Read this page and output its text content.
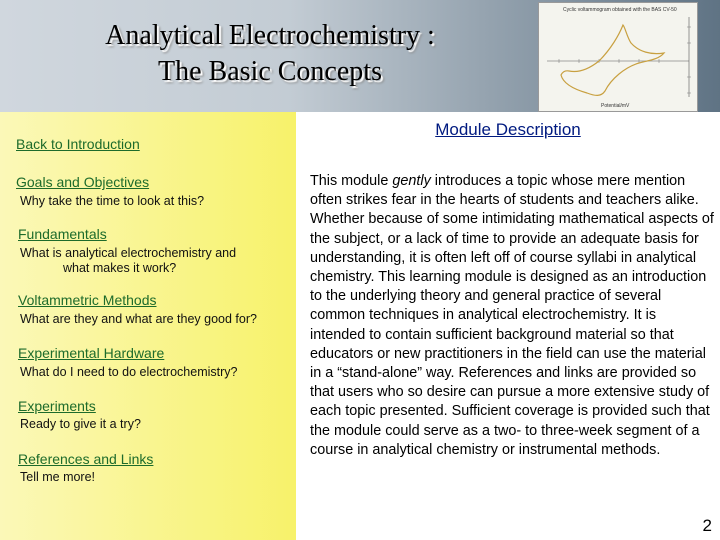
Analytical Electrochemistry :
The Basic Concepts
Cyclic voltammogram obtained with the BAS CV-50
Potential/mV
Back to Introduction
Goals and Objectives
Why take the time to look at this?
Fundamentals
What is analytical electrochemistry and
what makes it work?
Voltammetric Methods
What are they and what are they good for?
Experimental Hardware
What do I need to do electrochemistry?
Experiments
Ready to give it a try?
References and Links
Tell me more!
Module Description
This module gently introduces a topic whose mere mention often strikes fear in the hearts of students and teachers alike. Whether because of some intimidating mathematical aspects of the subject, or a lack of time to provide an adequate basis for understanding, it is often left off of course syllabi in analytical chemistry. This learning module is designed as an introduction to the underlying theory and general practice of several common techniques in analytical electrochemistry. It is intended to contain sufficient background material so that educators or new practitioners in the field can use the material in a “stand-alone” way. References and links are provided so that users who so desire can pursue a more extensive study of each topic presented. Sufficient coverage is provided such that the module could serve as a two- to three-week segment of a course in analytical chemistry or instrumental methods.
2
